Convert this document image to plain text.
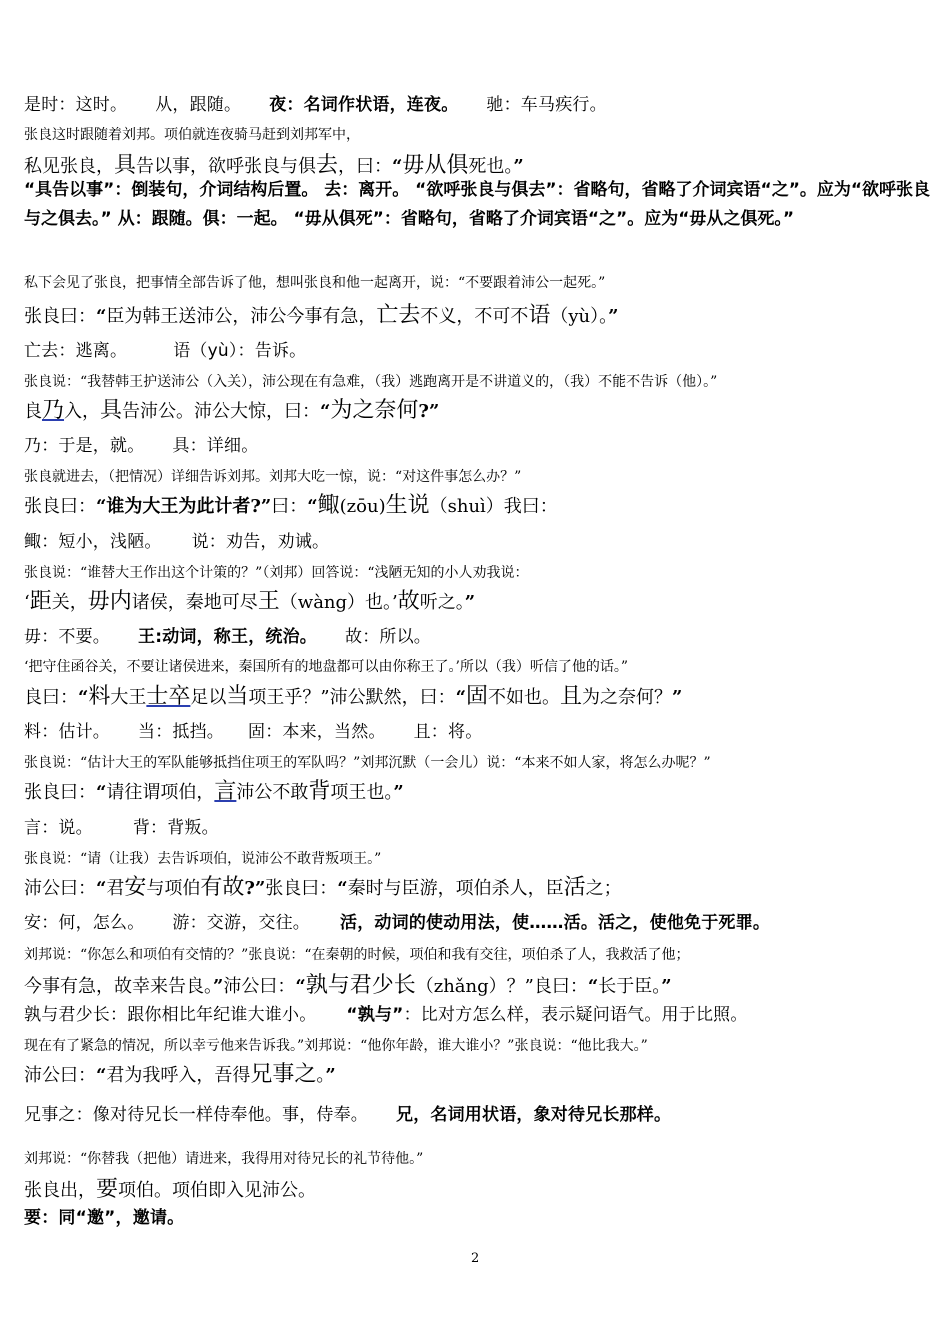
是时：这时。 从，跟随。 夜：名词作状语，连夜。 驰：车马疾行。
张良这时跟随着刘邦。项伯就连夜骑马赶到刘邦军中，
私见张良，具告以事，欲呼张良与俱去，曰：“毋从俱死也。”
私下会见了张良，把事情全部告诉了他，想叫张良和他一起离开，说：“不要跟着沛公一起死。”
张良曰：“臣为韩王送沛公，沛公今事有急，亡去不义，不可不语（yù）。”
亡去：逃离。	语（yù）：告诉。
张良说：“我替韩王护送沛公（入关），沛公现在有急难，（我）逃跑离开是不讲道义的，（我）不能不告诉（他）。”
良乃入，具告沛公。沛公大惊，曰：“为之奈何?”
乃：于是，就。 具：详细。
张良就进去，（把情况）详细告诉刘邦。刘邦大吃一惊，说：“对这件事怎么办？”
张良曰：“谁为大王为此计者?”曰：“鲰(zōu)生说（shuì）我曰：
鲰：短小，浅陋。 说：劝告，劝诫。
张良说：“谁替大王作出这个计策的？”（刘邦）回答说：“浅陋无知的小人劝我说：
‘距关，毋内诸侯，秦地可尽王（wàng）也。’故听之。”
毋：不要。 王:动词，称王，统治。 故：所以。
‘把守住函谷关，不要让诸侯进来，秦国所有的地盘都可以由你称王了。’所以（我）听信了他的话。”
良曰：“料大王士卒足以当项王乎？”沛公默然，曰：“固不如也。且为之奈何？”
料：估计。 当：抵挡。 固：本来，当然。 且：将。
张良说：“估计大王的军队能够抵挡住项王的军队吗？”刘邦沉默（一会儿）说：“本来不如人家，将怎么办呢？”
张良曰：“请往谓项伯，言沛公不敢背项王也。”
言：说。 背：背叛。
张良说：“请（让我）去告诉项伯，说沛公不敢背叛项王。”
沛公曰：“君安与项伯有故?”张良曰：“秦时与臣游，项伯杀人，臣活之；
安：何，怎么。 游：交游，交往。 活，动词的使动用法，使……活。活之，使他免于死罪。
刘邦说：“你怎么和项伯有交情的？”张良说：“在秦朝的时候，项伯和我有交往，项伯杀了人，我救活了他；
今事有急，故幸来告良。”沛公曰：“孰与君少长（zhǎng）？”良曰：“长于臣。”
孰与君少长：跟你相比年纪谁大谁小。 “孰与”：比对方怎么样，表示疑问语气。用于比照。
现在有了紧急的情况，所以幸亏他来告诉我。”刘邦说：“他你年龄，谁大谁小？”张良说：“他比我大。”
沛公曰：“君为我呼入，吾得兄事之。”
兄事之：像对待兄长一样侍奉他。事，侍奉。 兄，名词用状语，象对待兄长那样。
刘邦说：“你替我（把他）请进来，我得用对待兄长的礼节待他。”
张良出，要项伯。项伯即入见沛公。
要：同“邀”，邀请。
“具告以事”：倒装句，介词结构后置。 去：离开。 “欲呼张良与俱去”：省略句，省略了介词宾语“之”。应为“欲呼张良与之俱去。” 从：跟随。俱：一起。 “毋从俱死”：省略句，省略了介词宾语“之”。应为“毋从之俱死。”
2
